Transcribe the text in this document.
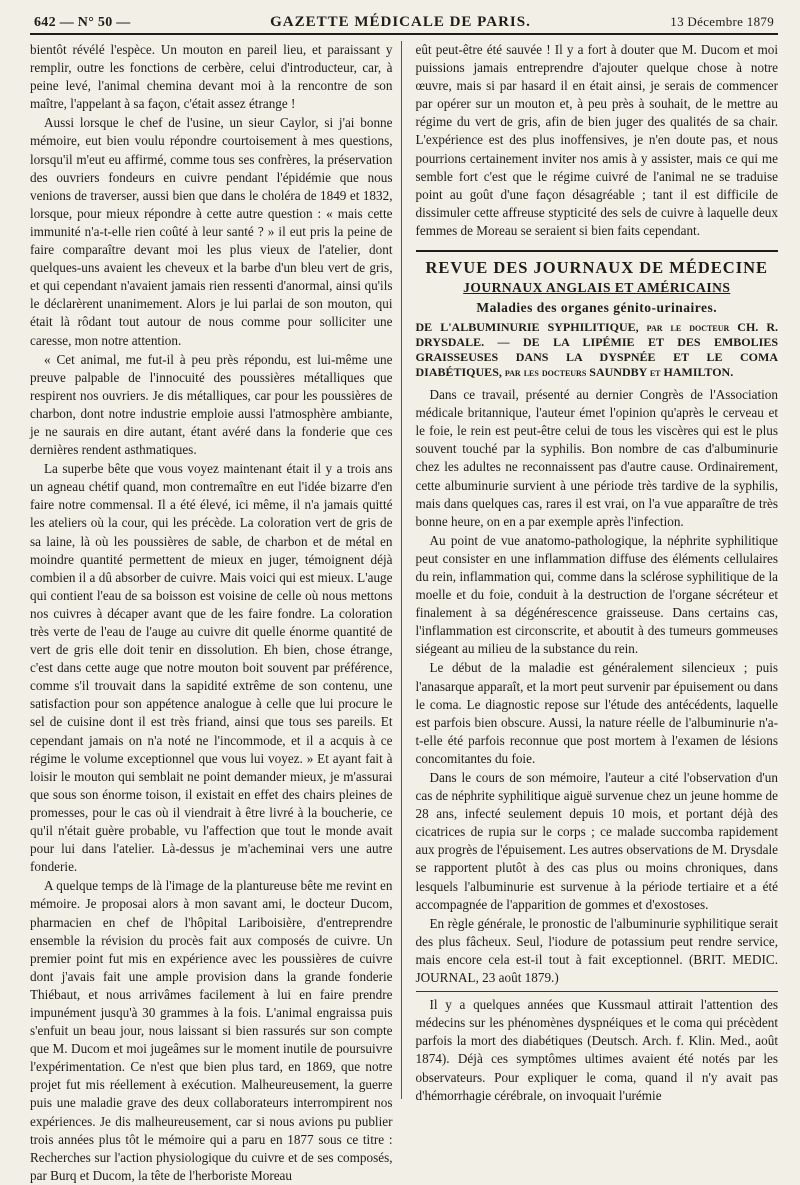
642 — N° 50 —	GAZETTE MÉDICALE DE PARIS.	13 Décembre 1879

bientôt révélé l'espèce. Un mouton en pareil lieu, et paraissant y remplir, outre les fonctions de cerbère, celui d'introducteur, car, à peine levé, l'animal chemina devant moi à la rencontre de son maître, l'appelant à sa façon, c'était assez étrange !

Aussi lorsque le chef de l'usine, un sieur Caylor, si j'ai bonne mémoire, eut bien voulu répondre courtoisement à mes questions, lorsqu'il m'eut eu affirmé, comme tous ses confrères, la préservation des ouvriers fondeurs en cuivre pendant l'épidémie que nous venions de traverser, aussi bien que dans le choléra de 1849 et 1832, lorsque, pour mieux répondre à cette autre question : « mais cette immunité n'a-t-elle rien coûté à leur santé ? » il eut pris la peine de faire comparaître devant moi les plus vieux de l'atelier, dont quelques-uns avaient les cheveux et la barbe d'un bleu vert de gris, et qui cependant n'avaient jamais rien ressenti d'anormal, ainsi qu'ils le déclarèrent unanimement. Alors je lui parlai de son mouton, qui était là rôdant tout autour de nous comme pour solliciter une caresse, mon notre attention.

« Cet animal, me fut-il à peu près répondu, est lui-même une preuve palpable de l'innocuité des poussières métalliques que respirent nos ouvriers. Je dis métalliques, car pour les poussières de charbon, dont notre industrie emploie aussi l'atmosphère ambiante, je ne saurais en dire autant, étant avéré dans la fonderie que ces dernières rendent asthmatiques.

La superbe bête que vous voyez maintenant était il y a trois ans un agneau chétif quand, mon contremaître en eut l'idée bizarre d'en faire notre commensal. Il a été élevé, ici même, il n'a jamais quitté les ateliers où la cour, qui les précède. La coloration vert de gris de sa laine, là où les poussières de sable, de charbon et de métal en moindre quantité permettent de mieux en juger, témoignent déjà combien il a dû absorber de cuivre. Mais voici qui est mieux. L'auge qui contient l'eau de sa boisson est voisine de celle où nous mettons nos cuivres à décaper avant que de les faire fondre. La coloration très verte de l'eau de l'auge au cuivre dit quelle énorme quantité de vert de gris elle doit tenir en dissolution. Eh bien, chose étrange, c'est dans cette auge que notre mouton boit souvent par préférence, comme s'il trouvait dans la sapidité extrême de son contenu, une satisfaction pour son appétence analogue à celle que lui procure le sel de cuisine dont il est très friand, ainsi que tous ses pareils. Et cependant jamais on n'a noté ne l'incommode, et il a acquis à ce régime le volume exceptionnel que vous lui voyez. » Et ayant fait à loisir le mouton qui semblait ne point demander mieux, je m'assurai que sous son énorme toison, il existait en effet des chairs pleines de promesses, pour le cas où il viendrait à être livré à la boucherie, ce qu'il n'était guère probable, vu l'affection que tout le monde avait pour lui dans l'atelier. Là-dessus je m'acheminai vers une autre fonderie.

A quelque temps de là l'image de la plantureuse bête me revint en mémoire. Je proposai alors à mon savant ami, le docteur Ducom, pharmacien en chef de l'hôpital Lariboisière, d'entreprendre ensemble la révision du procès fait aux composés de cuivre. Un premier point fut mis en expérience avec les poussières de cuivre dont j'avais fait une ample provision dans la grande fonderie Thiébaut, et nous arrivâmes facilement à lui en faire prendre impunément jusqu'à 30 grammes à la fois. L'animal engraissa puis s'enfuit un beau jour, nous laissant si bien rassurés sur son compte que M. Ducom et moi jugeâmes sur le moment inutile de poursuivre l'expérimentation. Ce n'est que bien plus tard, en 1869, que notre projet fut mis réellement à exécution. Malheureusement, la guerre puis une maladie grave des deux collaborateurs interrompirent nos expériences. Je dis malheureusement, car si nous avions pu publier trois années plus tôt le mémoire qui a paru en 1877 sous ce titre : Recherches sur l'action physiologique du cuivre et de ses composés, par Burq et Ducom, la tête de l'herboriste Moreau

eût peut-être été sauvée ! Il y a fort à douter que M. Ducom et moi puissions jamais entreprendre d'ajouter quelque chose à notre œuvre, mais si par hasard il en était ainsi, je serais de commencer par opérer sur un mouton et, à peu près à souhait, de le mettre au régime du vert de gris, afin de bien juger des qualités de sa chair. L'expérience est des plus inoffensives, je n'en doute pas, et nous pourrions certainement inviter nos amis à y assister, mais ce qui me semble fort c'est que le régime cuivré de l'animal ne se traduise point au goût d'une façon désagréable ; tant il est difficile de dissimuler cette affreuse stypticité des sels de cuivre à laquelle deux femmes de Moreau se seraient si bien faits cependant.

REVUE DES JOURNAUX DE MÉDECINE
JOURNAUX ANGLAIS ET AMÉRICAINS
Maladies des organes génito-urinaires.
DE L'ALBUMINURIE SYPHILITIQUE, par le docteur CH. R. DRYSDALE. — DE LA LIPÉMIE ET DES EMBOLIES GRAISSEUSES DANS LA DYSPNÉE ET LE COMA DIABÉTIQUES, par les docteurs SAUNDBY et HAMILTON.

Dans ce travail, présenté au dernier Congrès de l'Association médicale britannique, l'auteur émet l'opinion qu'après le cerveau et le foie, le rein est peut-être celui de tous les viscères qui est le plus souvent touché par la syphilis. Bon nombre de cas d'albuminurie chez les adultes ne reconnaissent pas d'autre cause. Ordinairement, cette albuminurie survient à une période très tardive de la syphilis, mais dans quelques cas, rares il est vrai, on l'a vue apparaître de très bonne heure, on en a par exemple après l'infection.

Au point de vue anatomo-pathologique, la néphrite syphilitique peut consister en une inflammation diffuse des éléments cellulaires du rein, inflammation qui, comme dans la sclérose syphilitique de la moelle et du foie, conduit à la destruction de l'organe sécréteur et finalement à sa dégénérescence graisseuse. Dans certains cas, l'inflammation est circonscrite, et aboutit à des tumeurs gommeuses siégeant au milieu de la substance du rein.

Le début de la maladie est généralement silencieux ; puis l'anasarque apparaît, et la mort peut survenir par épuisement ou dans le coma. Le diagnostic repose sur l'étude des antécédents, laquelle est parfois bien obscure. Aussi, la nature réelle de l'albuminurie n'a-t-elle été parfois reconnue que post mortem à l'examen de lésions concomitantes du foie.

Dans le cours de son mémoire, l'auteur a cité l'observation d'un cas de néphrite syphilitique aiguë survenue chez un jeune homme de 28 ans, infecté seulement depuis 10 mois, et portant déjà des cicatrices de rupia sur le corps ; ce malade succomba rapidement aux progrès de l'épuisement. Les autres observations de M. Drysdale se rapportent plutôt à des cas plus ou moins chroniques, dans lesquels l'albuminurie est survenue à la période tertiaire et a été accompagnée de l'apparition de gommes et d'exostoses.

En règle générale, le pronostic de l'albuminurie syphilitique serait des plus fâcheux. Seul, l'iodure de potassium peut rendre service, mais encore cela est-il tout à fait exceptionnel. (BRIT. MEDIC. JOURNAL, 23 août 1879.)

Il y a quelques années que Kussmaul attirait l'attention des médecins sur les phénomènes dyspnéiques et le coma qui précèdent parfois la mort des diabétiques (Deutsch. Arch. f. Klin. Med., août 1874). Déjà ces symptômes ultimes avaient été notés par les observateurs. Pour expliquer le coma, quand il n'y avait pas d'hémorrhagie cérébrale, on invoquait l'urémie
